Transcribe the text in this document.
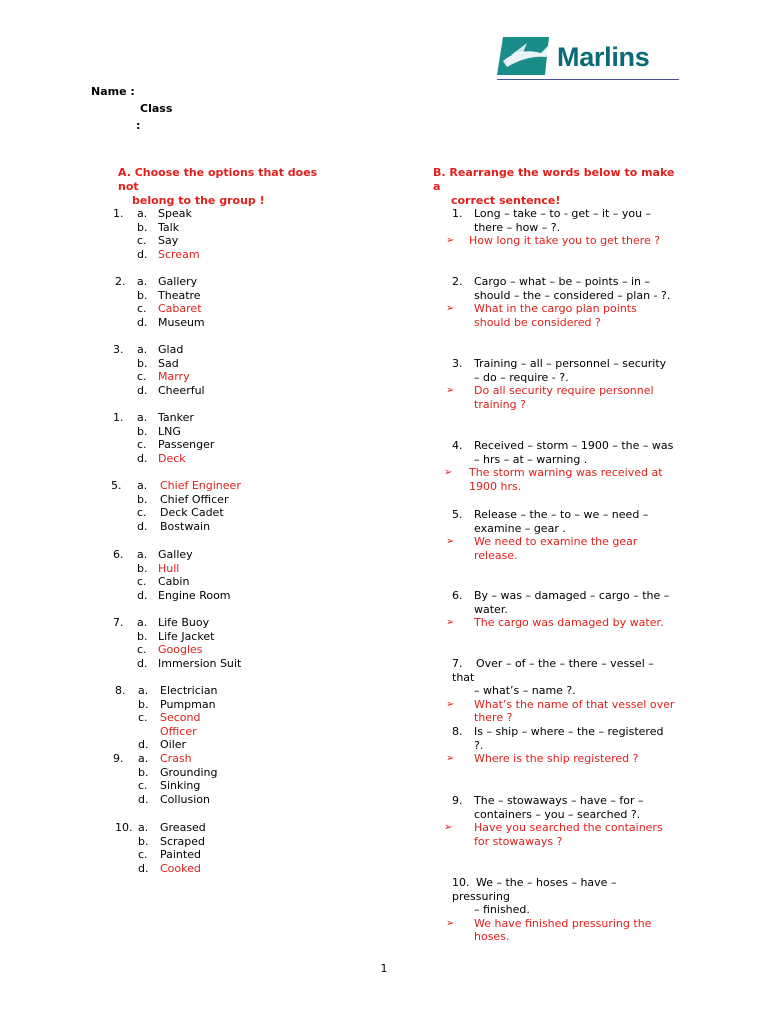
Marlins
Name :
Class
:
A. Choose the options that does not
belong to the group !
B. Rearrange the words below to make a
correct sentence!
1. a. Speak
b. Talk
c. Say
d. Scream
2. a. Gallery
b. Theatre
c. Cabaret
d. Museum
3. a. Glad
b. Sad
c. Marry
d. Cheerful
1. a. Tanker
b. LNG
c. Passenger
d. Deck
5. a. Chief Engineer
b. Chief Officer
c. Deck Cadet
d. Bostwain
6. a. Galley
b. Hull
c. Cabin
d. Engine Room
7. a. Life Buoy
b. Life Jacket
c. Googles
d. Immersion Suit
8. a. Electrician
b. Pumpman
c. Second
Officer
d. Oiler
9. a. Crash
b. Grounding
c. Sinking
d. Collusion
10. a. Greased
b. Scraped
c. Painted
d. Cooked
1. Long – take – to - get – it – you –
there – how – ?.
➢ How long it take you to get there ?
2. Cargo – what – be – points – in –
should – the – considered – plan - ?.
➢ What in the cargo plan points
should be considered ?
3. Training – all – personnel – security
– do – require - ?.
➢ Do all security require personnel
training ?
4. Received – storm – 1900 – the – was
– hrs – at – warning .
➢ The storm warning was received at
1900 hrs.
5. Release – the – to – we – need –
examine – gear .
➢ We need to examine the gear
release.
6. By – was – damaged – cargo – the –
water.
➢ The cargo was damaged by water.
7. Over – of – the – there – vessel –
that
– what’s – name ?.
➢ What’s the name of that vessel over
there ?
8. Is – ship – where – the – registered
?.
➢ Where is the ship registered ?
9. The – stowaways – have – for –
containers – you – searched ?.
➢ Have you searched the containers
for stowaways ?
10. We – the – hoses – have –
pressuring
– finished.
➢ We have finished pressuring the
hoses.
1
